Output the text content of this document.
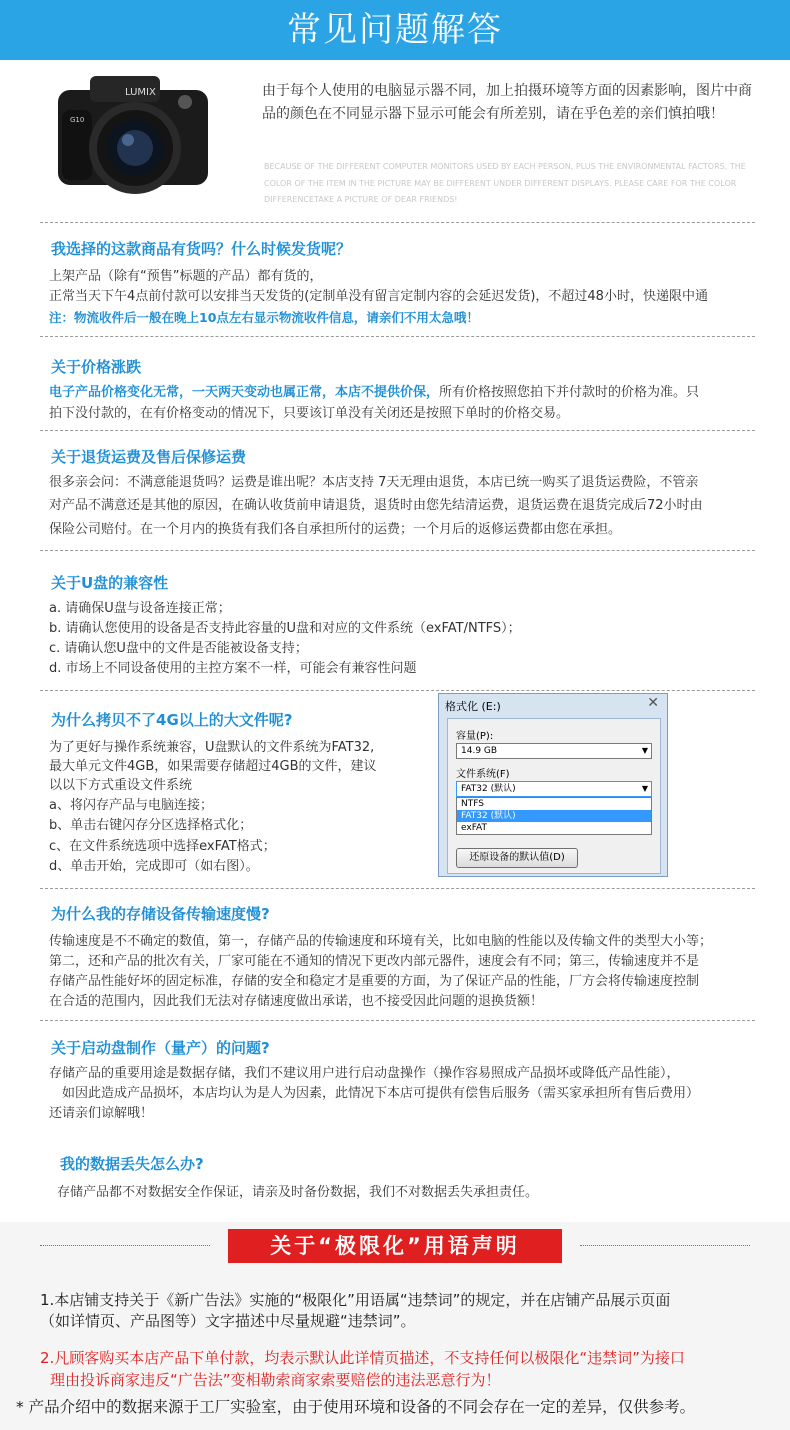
常见问题解答
LUMIX
G10
由于每个人使用的电脑显示器不同，加上拍摄环境等方面的因素影响，图片中商品的颜色在不同显示器下显示可能会有所差别，请在乎色差的亲们慎拍哦！
BECAUSE OF THE DIFFERENT COMPUTER MONITORS USED BY EACH PERSON, PLUS THE ENVIRONMENTAL FACTORS, THE COLOR OF THE ITEM IN THE PICTURE MAY BE DIFFERENT UNDER DIFFERENT DISPLAYS. PLEASE CARE FOR THE COLOR DIFFERENCETAKE A PICTURE OF DEAR FRIENDS!
我选择的这款商品有货吗？什么时候发货呢？
上架产品（除有“预售”标题的产品）都有货的，
正常当天下午4点前付款可以安排当天发货的(定制单没有留言定制内容的会延迟发货)，不超过48小时，快递限中通
注：物流收件后一般在晚上10点左右显示物流收件信息，请亲们不用太急哦！
关于价格涨跌
电子产品价格变化无常，一天两天变动也属正常，本店不提供价保，所有价格按照您拍下并付款时的价格为准。只
拍下没付款的，在有价格变动的情况下，只要该订单没有关闭还是按照下单时的价格交易。
关于退货运费及售后保修运费
很多亲会问：不满意能退货吗？运费是谁出呢？本店支持 7天无理由退货，本店已统一购买了退货运费险，不管亲
对产品不满意还是其他的原因，在确认收货前申请退货，退货时由您先结清运费，退货运费在退货完成后72小时由
保险公司赔付。在一个月内的换货有我们各自承担所付的运费；一个月后的返修运费都由您在承担。
关于U盘的兼容性
a. 请确保U盘与设备连接正常；
b. 请确认您使用的设备是否支持此容量的U盘和对应的文件系统（exFAT/NTFS）；
c. 请确认您U盘中的文件是否能被设备支持；
d. 市场上不同设备使用的主控方案不一样，可能会有兼容性问题
为什么拷贝不了4G以上的大文件呢?
为了更好与操作系统兼容，U盘默认的文件系统为FAT32,
最大单元文件4GB，如果需要存储超过4GB的文件，建议
以以下方式重设文件系统
a、将闪存产品与电脑连接；
b、单击右键闪存分区选择格式化；
c、在文件系统选项中选择exFAT格式；
d、单击开始，完成即可（如右图）。
格式化 (E:)	✕
容量(P):
14.9 GB	▼
文件系统(F)
FAT32 (默认)	▼
NTFS
FAT32 (默认)
exFAT
还原设备的默认值(D)
为什么我的存储设备传输速度慢?
传输速度是不不确定的数值，第一，存储产品的传输速度和环境有关，比如电脑的性能以及传输文件的类型大小等；
第二，还和产品的批次有关，厂家可能在不通知的情况下更改内部元器件，速度会有不同；第三，传输速度并不是
存储产品性能好坏的固定标准，存储的安全和稳定才是重要的方面，为了保证产品的性能，厂方会将传输速度控制
在合适的范围内，因此我们无法对存储速度做出承诺，也不接受因此问题的退换货额！
关于启动盘制作（量产）的问题?
存储产品的重要用途是数据存储，我们不建议用户进行启动盘操作（操作容易照成产品损坏或降低产品性能），
如因此造成产品损坏，本店均认为是人为因素，此情况下本店可提供有偿售后服务（需买家承担所有售后费用）
还请亲们谅解哦！
我的数据丢失怎么办?
存储产品都不对数据安全作保证，请亲及时备份数据，我们不对数据丢失承担责任。
关于“极限化”用语声明
1.本店铺支持关于《新广告法》实施的“极限化”用语属“违禁词”的规定，并在店铺产品展示页面
（如详情页、产品图等）文字描述中尽量规避“违禁词”。
2.凡顾客购买本店产品下单付款，均表示默认此详情页描述，不支持任何以极限化“违禁词”为接口
理由投诉商家违反“广告法”变相勒索商家索要赔偿的违法恶意行为！
* 产品介绍中的数据来源于工厂实验室，由于使用环境和设备的不同会存在一定的差异，仅供参考。
